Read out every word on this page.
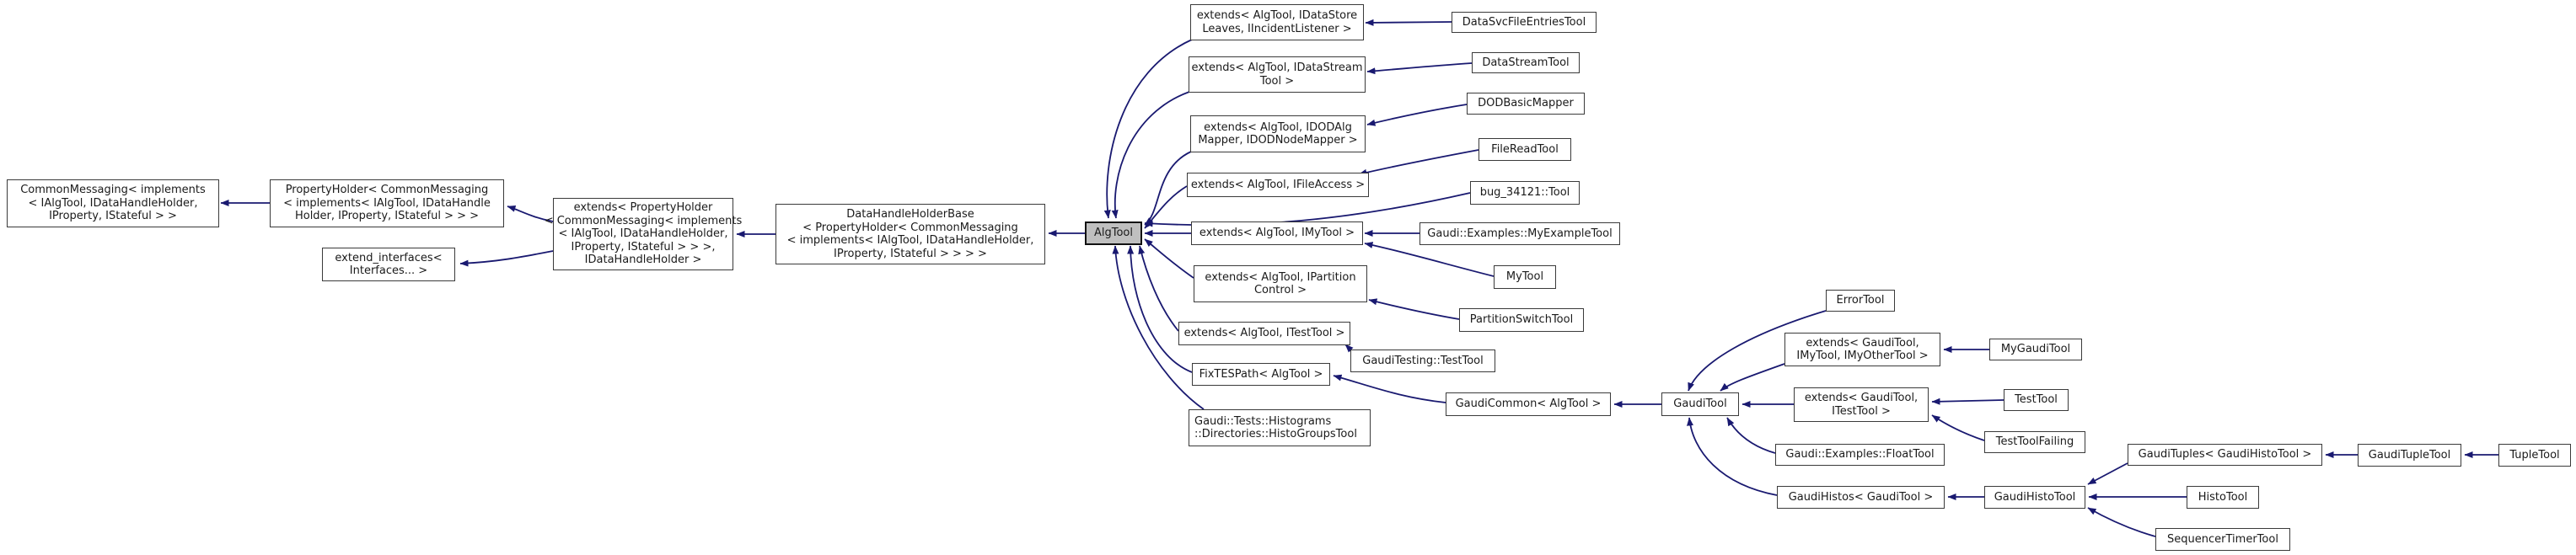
CommonMessaging< implements
< IAlgTool, IDataHandleHolder,
IProperty, IStateful > >
PropertyHolder< CommonMessaging
< implements< IAlgTool, IDataHandle
Holder, IProperty, IStateful > > >
extend_interfaces<
Interfaces... >
extends< PropertyHolder
< CommonMessaging< implements
< IAlgTool, IDataHandleHolder,
IProperty, IStateful > > >,
IDataHandleHolder >
DataHandleHolderBase
< PropertyHolder< CommonMessaging
< implements< IAlgTool, IDataHandleHolder,
IProperty, IStateful > > > >
AlgTool
extends< AlgTool, IDataStore
Leaves, IIncidentListener >
DataSvcFileEntriesTool
extends< AlgTool, IDataStream
Tool >
DataStreamTool
extends< AlgTool, IDODAlg
Mapper, IDODNodeMapper >
DODBasicMapper
extends< AlgTool, IFileAccess >
FileReadTool
bug_34121::Tool
extends< AlgTool, IMyTool >	Gaudi::Examples::MyExampleTool
MyTool
extends< AlgTool, IPartition
Control >
PartitionSwitchTool
extends< AlgTool, ITestTool >
GaudiTesting::TestTool
FixTESPath< AlgTool >
GaudiCommon< AlgTool >
Gaudi::Tests::Histograms
::Directories::HistoGroupsTool
GaudiTool
ErrorTool
extends< GaudiTool,
IMyTool, IMyOtherTool >
MyGaudiTool
extends< GaudiTool,
ITestTool >
TestTool
TestToolFailing
Gaudi::Examples::FloatTool
GaudiHistos< GaudiTool >	GaudiHistoTool
GaudiTuples< GaudiHistoTool >	GaudiTupleTool	TupleTool
HistoTool
SequencerTimerTool
